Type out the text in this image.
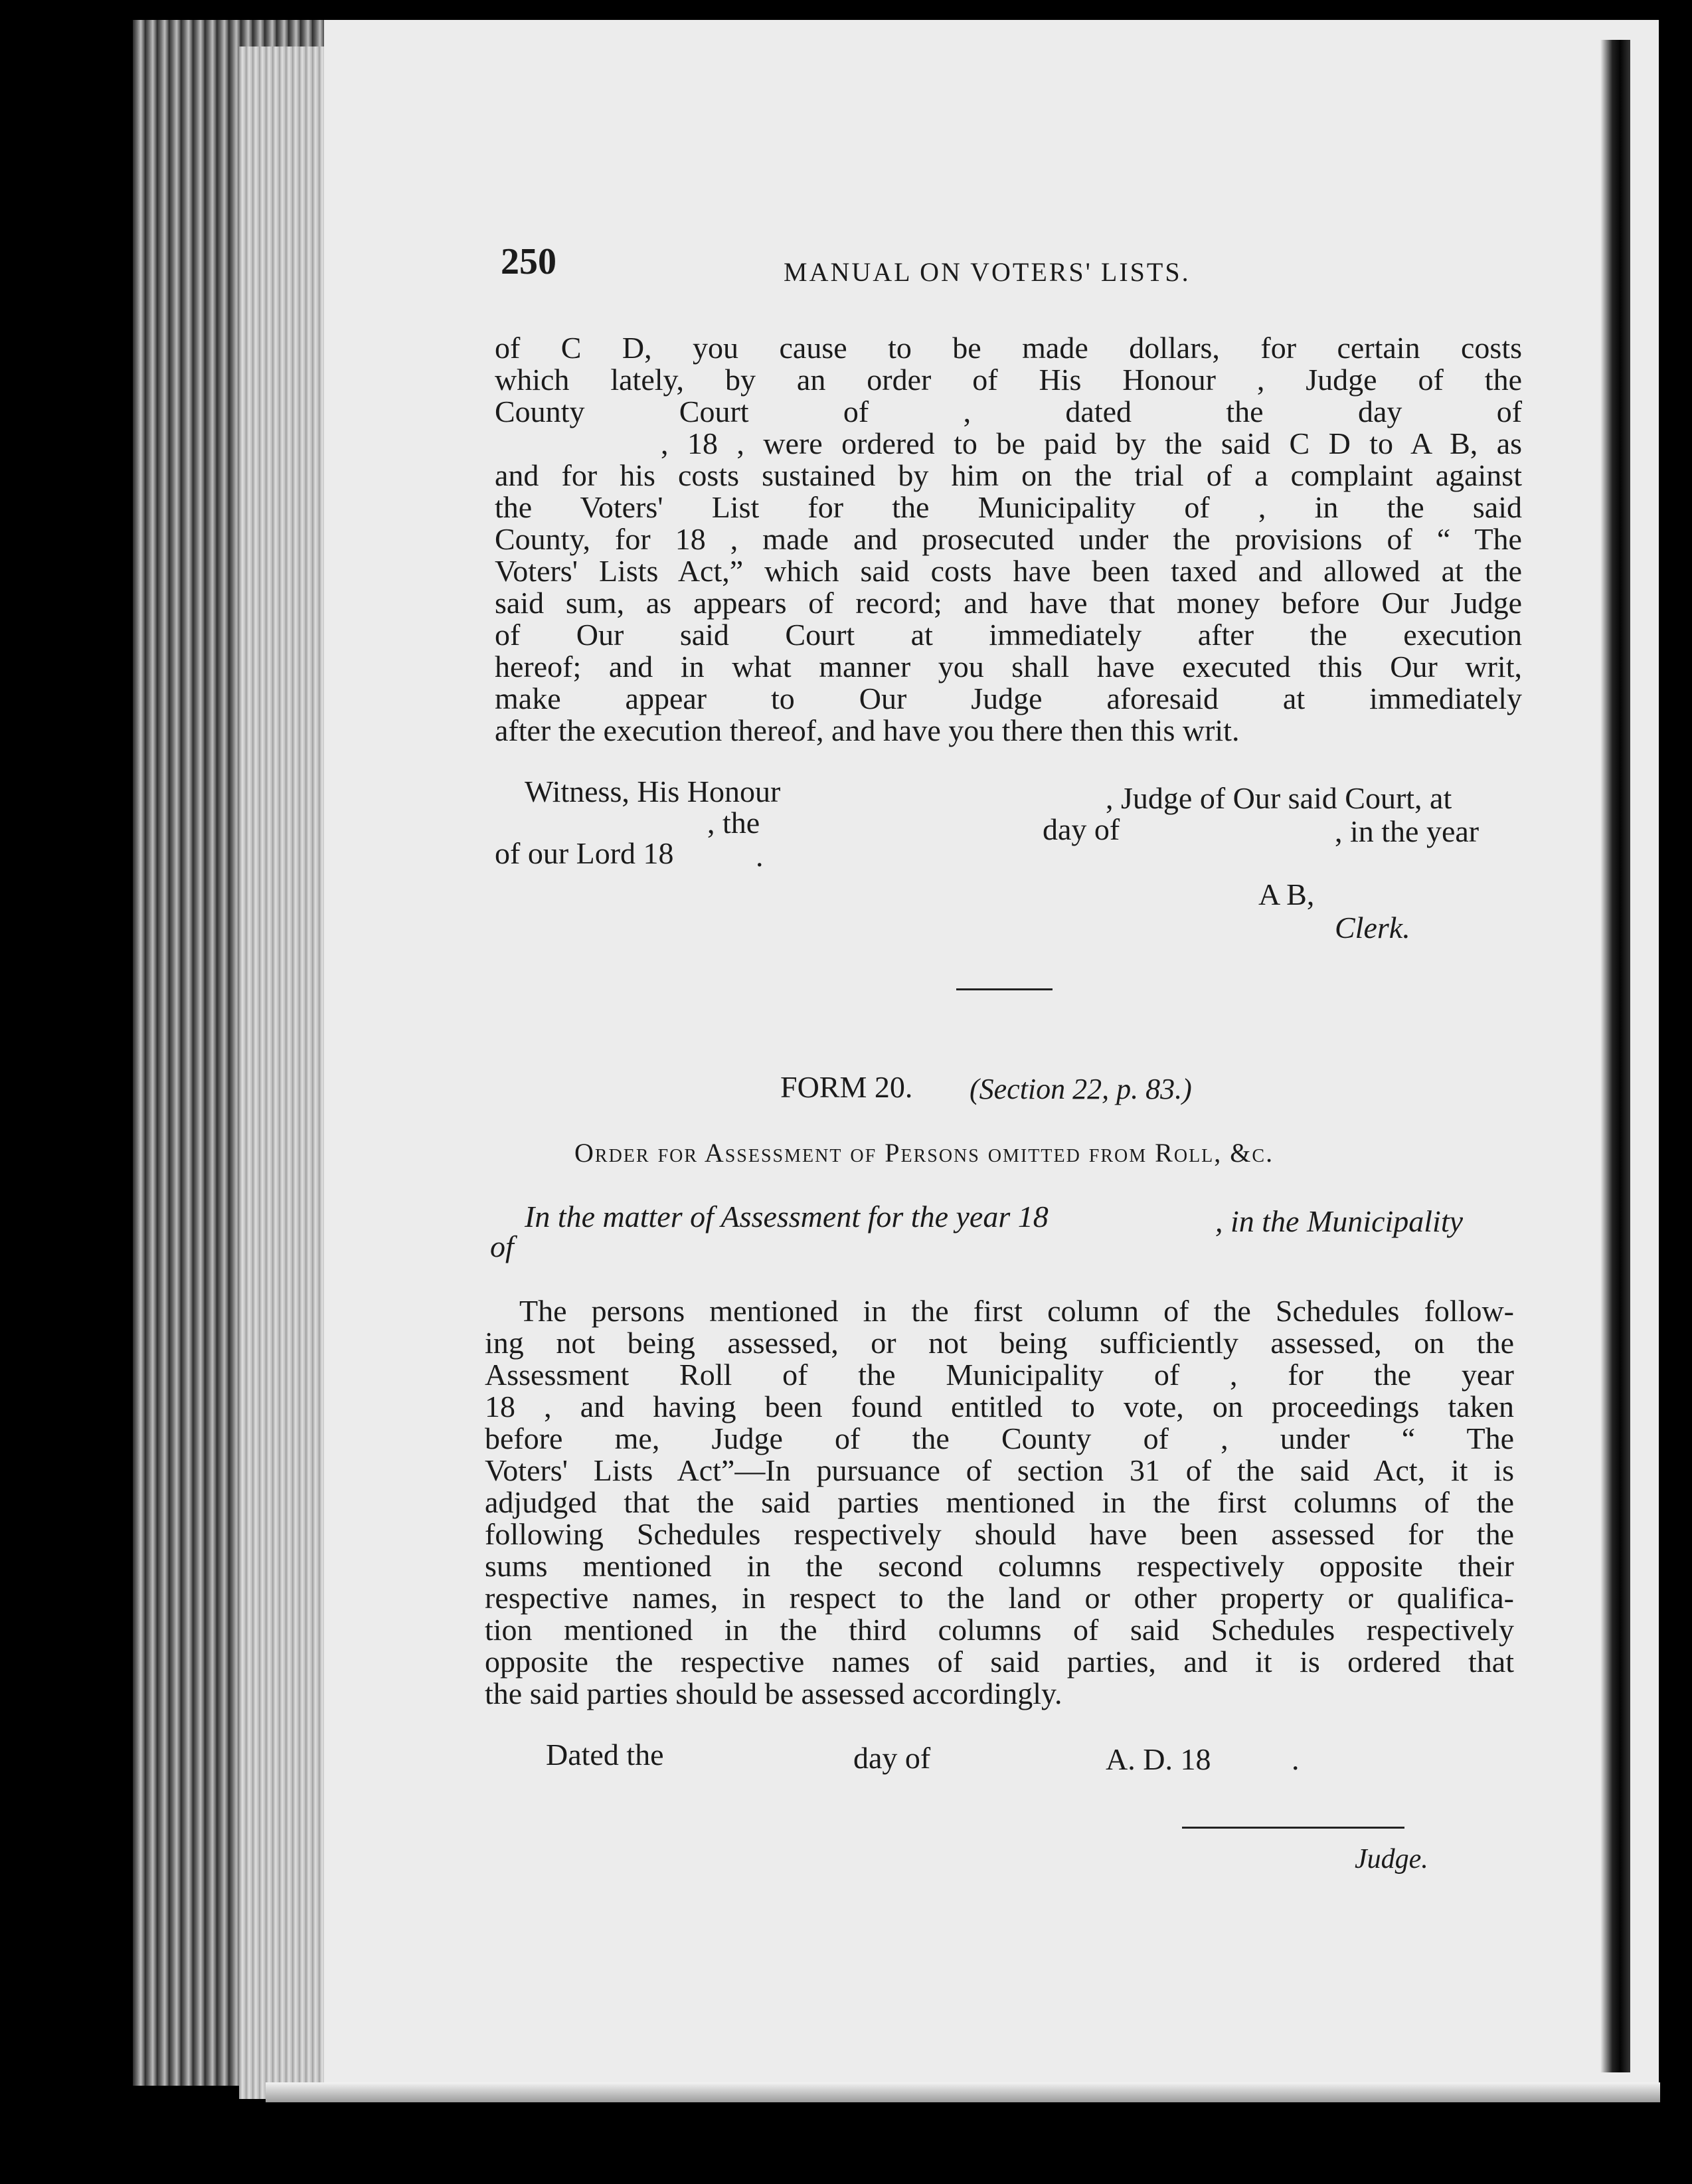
250	MANUAL ON VOTERS' LISTS.
of C D, you cause to be made dollars, for certain costs
which lately, by an order of His Honour , Judge of the
County Court of	, dated the	day of
, 18 , were ordered to be paid by the said C D to A B, as
and for his costs sustained by him on the trial of a complaint against
the Voters' List for the Municipality of , in the said
County, for 18 , made and prosecuted under the provisions of “ The
Voters' Lists Act,” which said costs have been taxed and allowed at the
said sum, as appears of record; and have that money before Our Judge
of Our said Court at immediately after the execution
hereof; and in what manner you shall have executed this Our writ,
make appear to Our Judge aforesaid at immediately
after the execution thereof, and have you there then this writ.
Witness, His Honour	, Judge of Our said Court, at
, the	day of	, in the year
of our Lord 18	.
A B,
Clerk.
FORM 20. (Section 22, p. 83.)
Order for Assessment of Persons omitted from Roll, &c.
In the matter of Assessment for the year 18	, in the Municipality
of
The persons mentioned in the first column of the Schedules follow-
ing not being assessed, or not being sufficiently assessed, on the
Assessment Roll of the Municipality of , for the year
18 , and having been found entitled to vote, on proceedings taken
before me, Judge of the County of , under “ The
Voters' Lists Act”—In pursuance of section 31 of the said Act, it is
adjudged that the said parties mentioned in the first columns of the
following Schedules respectively should have been assessed for the
sums mentioned in the second columns respectively opposite their
respective names, in respect to the land or other property or qualifica-
tion mentioned in the third columns of said Schedules respectively
opposite the respective names of said parties, and it is ordered that
the said parties should be assessed accordingly.
Dated the	day of	A. D. 18	.
Judge.
